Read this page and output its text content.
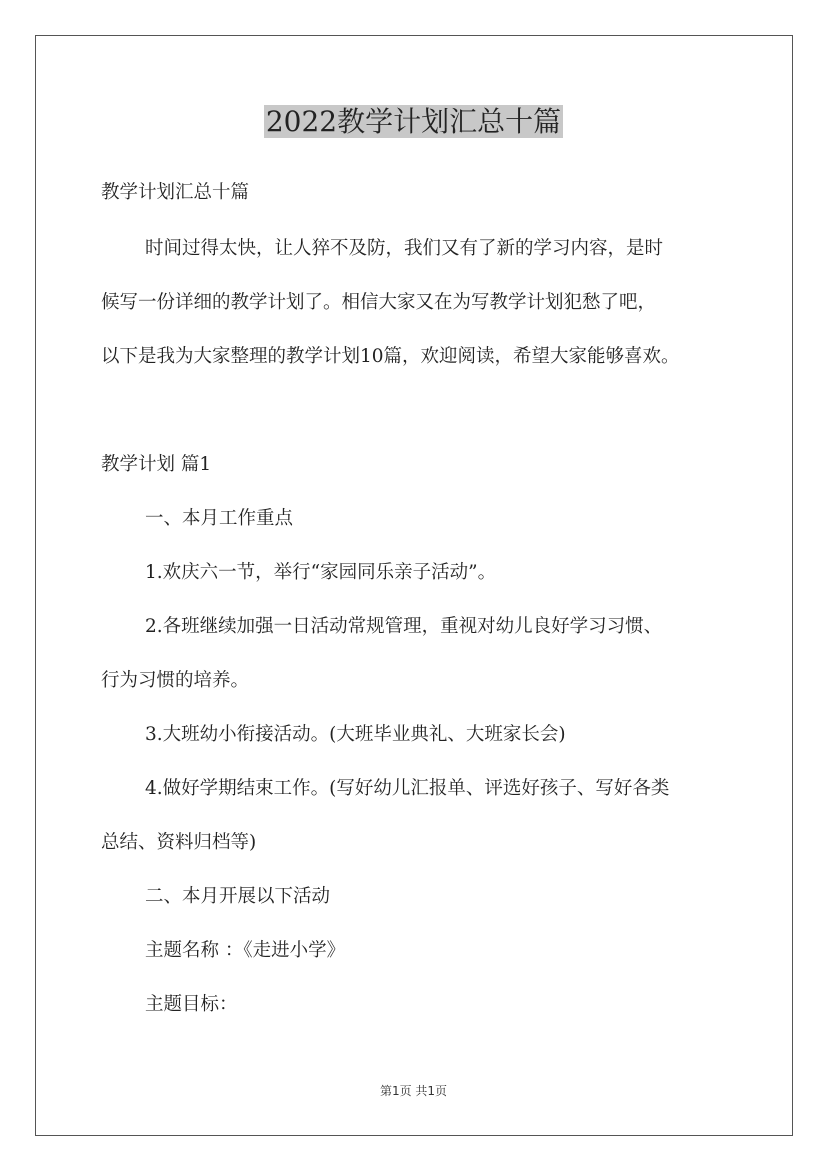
2022教学计划汇总十篇
教学计划汇总十篇
时间过得太快，让人猝不及防，我们又有了新的学习内容，是时
候写一份详细的教学计划了。相信大家又在为写教学计划犯愁了吧，
以下是我为大家整理的教学计划10篇，欢迎阅读，希望大家能够喜欢。
教学计划 篇1
一、本月工作重点
1.欢庆六一节，举行“家园同乐亲子活动”。
2.各班继续加强一日活动常规管理，重视对幼儿良好学习习惯、
行为习惯的培养。
3.大班幼小衔接活动。(大班毕业典礼、大班家长会)
4.做好学期结束工作。(写好幼儿汇报单、评选好孩子、写好各类
总结、资料归档等)
二、本月开展以下活动
主题名称 ：《走进小学》
主题目标：
第1页 共1页
